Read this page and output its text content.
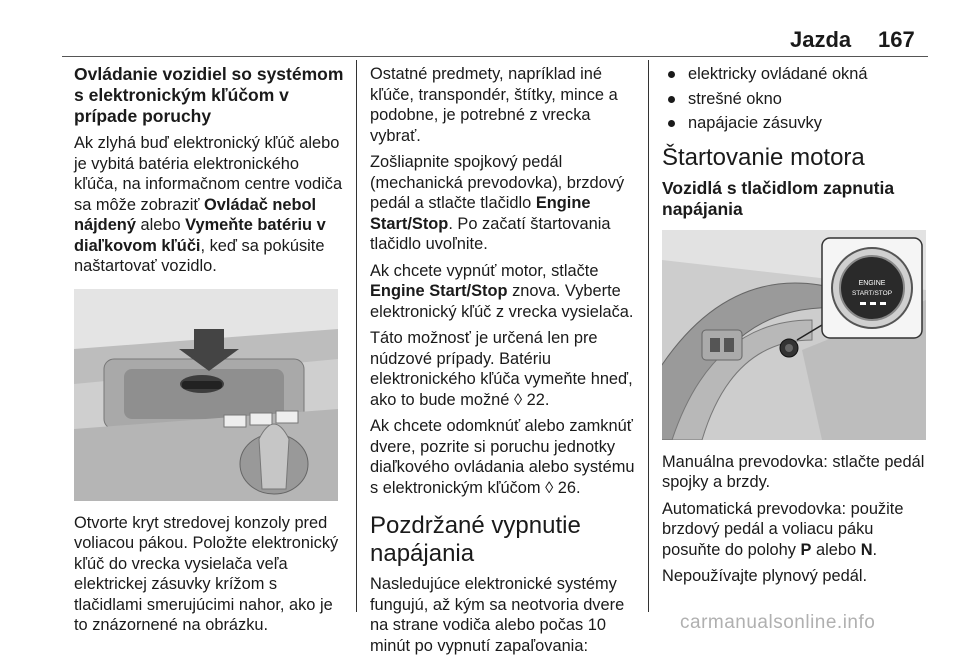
Jazda 167
Ovládanie vozidiel so systémom s elektronickým kľúčom v prípade poruchy

Ak zlyhá buď elektronický kľúč alebo je vybitá batéria elektronického kľúča, na informačnom centre vodiča sa môže zobraziť Ovládač nebol nájdený alebo Vymeňte batériu v diaľkovom kľúči, keď sa pokúsite naštartovať vozidlo.

Otvorte kryt stredovej konzoly pred voliacou pákou. Položte elektronický kľúč do vrecka vysielača veľa elektrickej zásuvky krížom s tlačidlami smerujúcimi nahor, ako je to znázornené na obrázku.

Ostatné predmety, napríklad iné kľúče, transpondér, štítky, mince a podobne, je potrebné z vrecka vybrať.

Zošliapnite spojkový pedál (mechanická prevodovka), brzdový pedál a stlačte tlačidlo Engine Start/Stop. Po začatí štartovania tlačidlo uvoľnite.

Ak chcete vypnúť motor, stlačte Engine Start/Stop znova. Vyberte elektronický kľúč z vrecka vysielača.

Táto možnosť je určená len pre núdzové prípady. Batériu elektronického kľúča vymeňte hneď, ako to bude možné ◊ 22.

Ak chcete odomknúť alebo zamknúť dvere, pozrite si poruchu jednotky diaľkového ovládania alebo systému s elektronickým kľúčom ◊ 26.

Pozdržané vypnutie napájania

Nasledujúce elektronické systémy fungujú, až kým sa neotvoria dvere na strane vodiča alebo počas 10 minút po vypnutí zapaľovania:

elektricky ovládané okná
strešné okno
napájacie zásuvky
Štartovanie motora
Vozidlá s tlačidlom zapnutia napájania
ENGINE
START/STOP

Manuálna prevodovka: stlačte pedál spojky a brzdy.

Automatická prevodovka: použite brzdový pedál a voliacu páku posuňte do polohy P alebo N.

Nepoužívajte plynový pedál.

carmanualsonline.info
